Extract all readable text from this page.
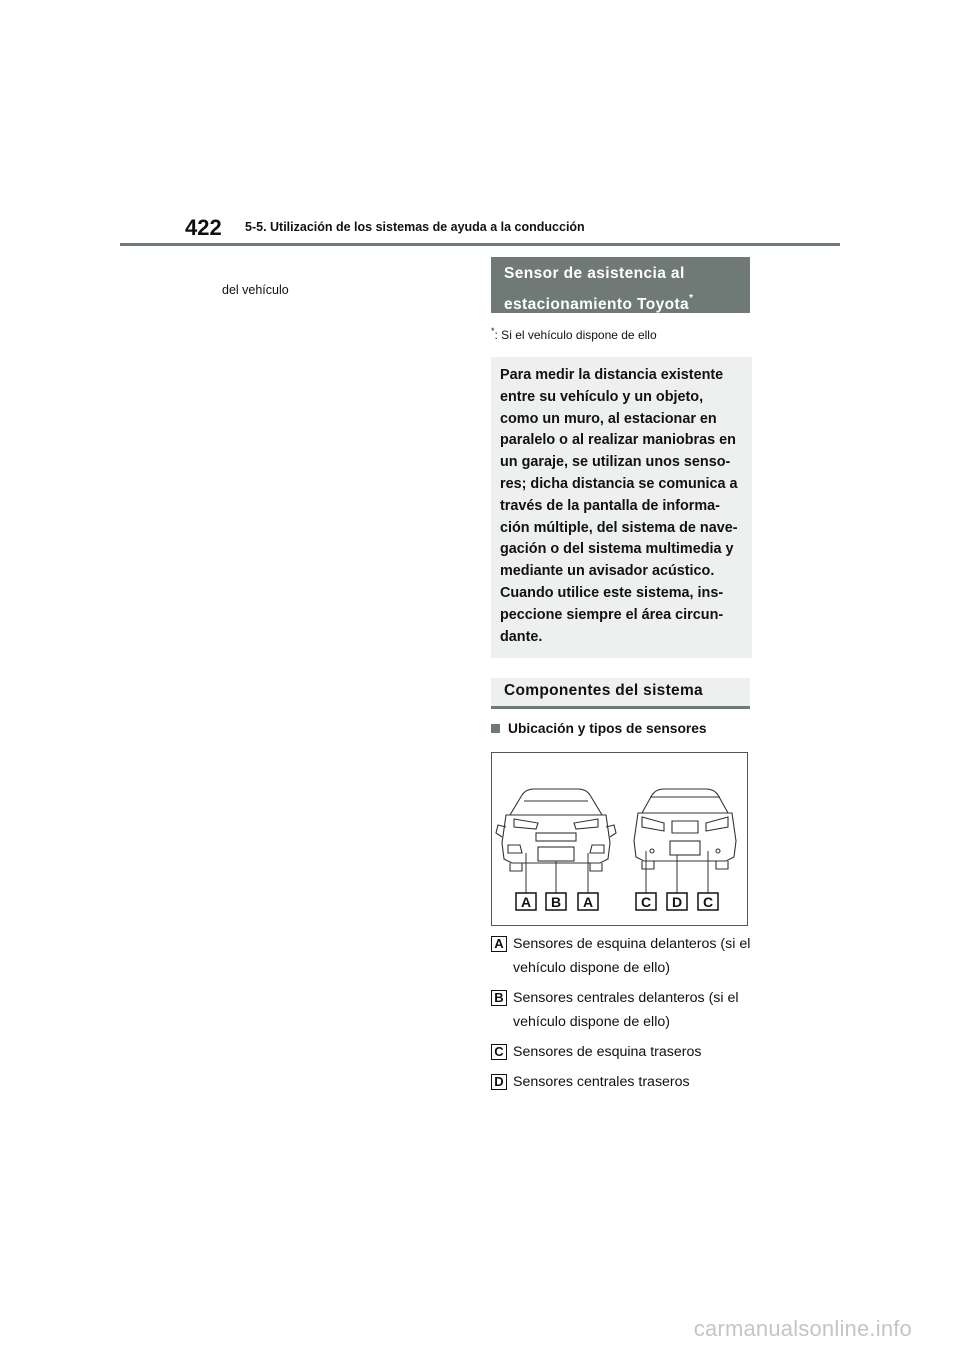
422 5-5. Utilización de los sistemas de ayuda a la conducción
del vehículo
Sensor de asistencia al
estacionamiento Toyota*
*: Si el vehículo dispone de ello
Para medir la distancia existente entre su vehículo y un objeto, como un muro, al estacionar en paralelo o al realizar maniobras en un garaje, se utilizan unos senso-res; dicha distancia se comunica a través de la pantalla de informa-ción múltiple, del sistema de nave-gación o del sistema multimedia y mediante un avisador acústico. Cuando utilice este sistema, ins-peccione siempre el área circun-dante.
Componentes del sistema
Ubicación y tipos de sensores
A B A	C D C
A Sensores de esquina delanteros (si el vehículo dispone de ello)
B Sensores centrales delanteros (si el vehículo dispone de ello)
C Sensores de esquina traseros
D Sensores centrales traseros
carmanualsonline.info
